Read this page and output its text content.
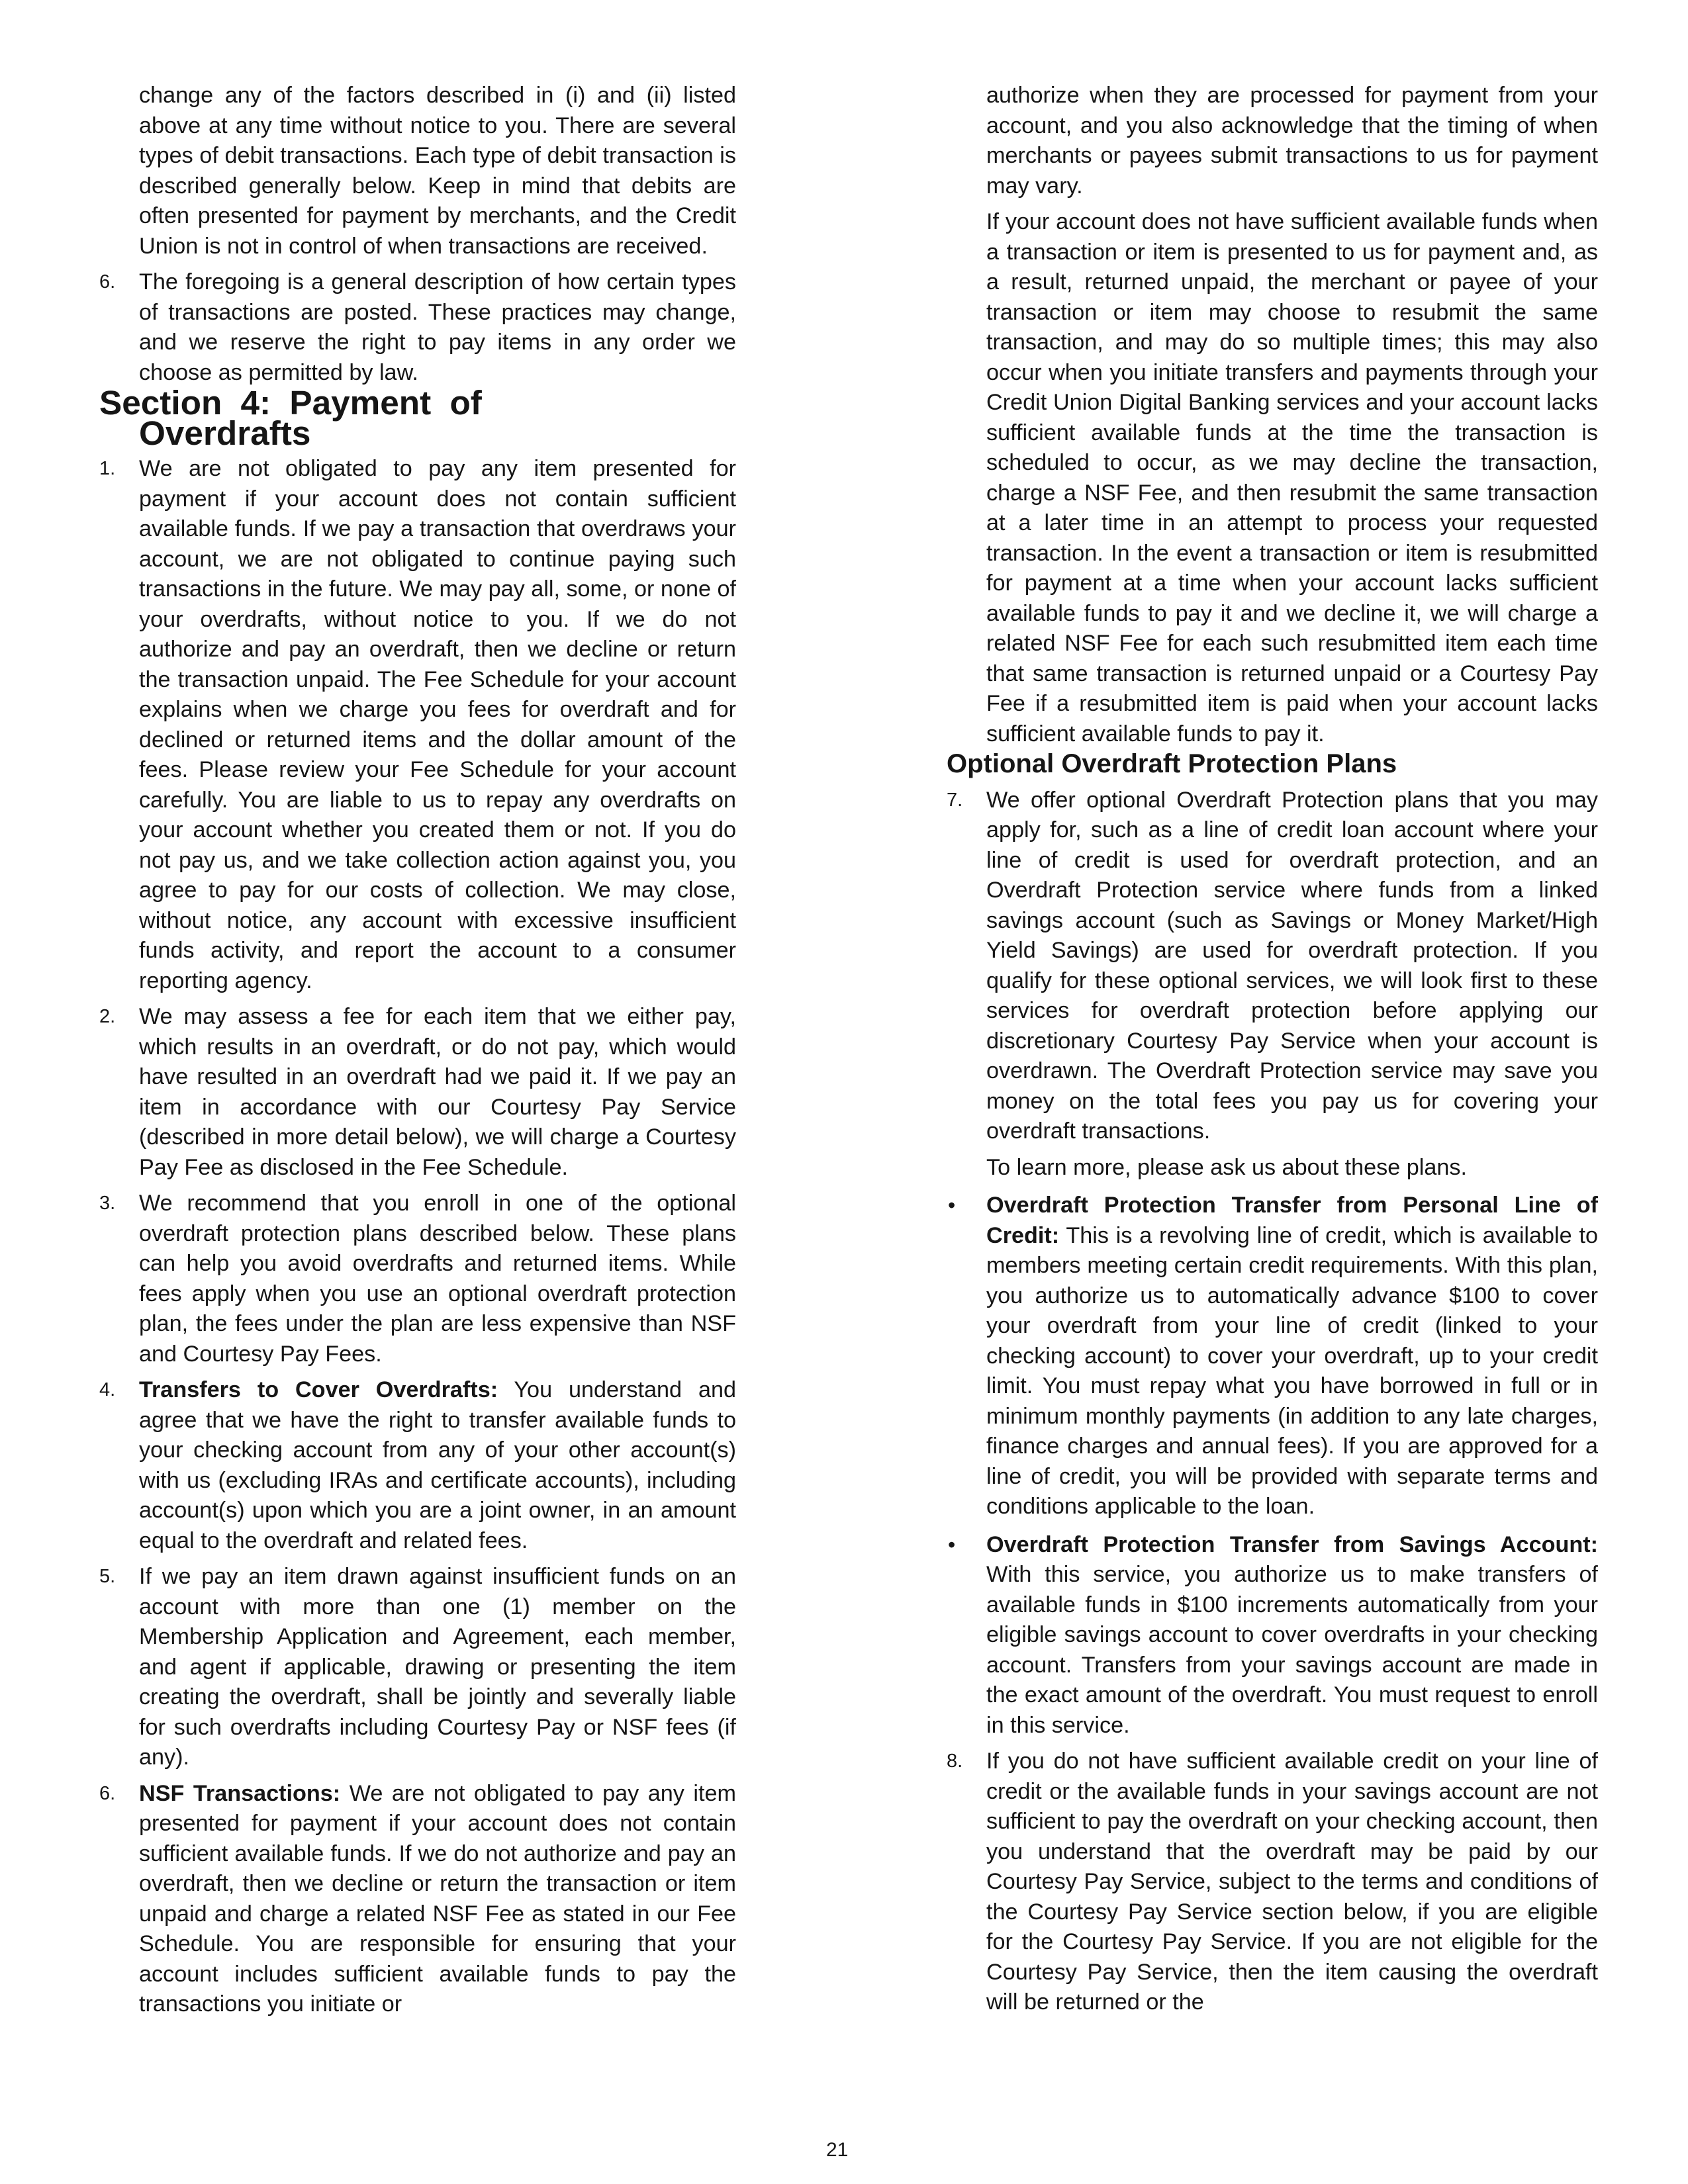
change any of the factors described in (i) and (ii) listed above at any time without notice to you. There are several types of debit transactions. Each type of debit transaction is described generally below. Keep in mind that debits are often presented for payment by merchants, and the Credit Union is not in control of when transactions are received.

6. The foregoing is a general description of how certain types of transactions are posted. These practices may change, and we reserve the right to pay items in any order we choose as permitted by law.
Section 4: Payment of
Overdrafts
1. We are not obligated to pay any item presented for payment if your account does not contain sufficient available funds. If we pay a transaction that overdraws your account, we are not obligated to continue paying such transactions in the future. We may pay all, some, or none of your overdrafts, without notice to you. If we do not authorize and pay an overdraft, then we decline or return the transaction unpaid. The Fee Schedule for your account explains when we charge you fees for overdraft and for declined or returned items and the dollar amount of the fees. Please review your Fee Schedule for your account carefully. You are liable to us to repay any overdrafts on your account whether you created them or not. If you do not pay us, and we take collection action against you, you agree to pay for our costs of collection. We may close, without notice, any account with excessive insufficient funds activity, and report the account to a consumer reporting agency.
2. We may assess a fee for each item that we either pay, which results in an overdraft, or do not pay, which would have resulted in an overdraft had we paid it. If we pay an item in accordance with our Courtesy Pay Service (described in more detail below), we will charge a Courtesy Pay Fee as disclosed in the Fee Schedule.
3. We recommend that you enroll in one of the optional overdraft protection plans described below. These plans can help you avoid overdrafts and returned items. While fees apply when you use an optional overdraft protection plan, the fees under the plan are less expensive than NSF and Courtesy Pay Fees.
4. Transfers to Cover Overdrafts: You understand and agree that we have the right to transfer available funds to your checking account from any of your other account(s) with us (excluding IRAs and certificate accounts), including account(s) upon which you are a joint owner, in an amount equal to the overdraft and related fees.
5. If we pay an item drawn against insufficient funds on an account with more than one (1) member on the Membership Application and Agreement, each member, and agent if applicable, drawing or presenting the item creating the overdraft, shall be jointly and severally liable for such overdrafts including Courtesy Pay or NSF fees (if any).
6. NSF Transactions: We are not obligated to pay any item presented for payment if your account does not contain sufficient available funds. If we do not authorize and pay an overdraft, then we decline or return the transaction or item unpaid and charge a related NSF Fee as stated in our Fee Schedule. You are responsible for ensuring that your account includes sufficient available funds to pay the transactions you initiate or

authorize when they are processed for payment from your account, and you also acknowledge that the timing of when merchants or payees submit transactions to us for payment may vary.

If your account does not have sufficient available funds when a transaction or item is presented to us for payment and, as a result, returned unpaid, the merchant or payee of your transaction or item may choose to resubmit the same transaction, and may do so multiple times; this may also occur when you initiate transfers and payments through your Credit Union Digital Banking services and your account lacks sufficient available funds at the time the transaction is scheduled to occur, as we may decline the transaction, charge a NSF Fee, and then resubmit the same transaction at a later time in an attempt to process your requested transaction. In the event a transaction or item is resubmitted for payment at a time when your account lacks sufficient available funds to pay it and we decline it, we will charge a related NSF Fee for each such resubmitted item each time that same transaction is returned unpaid or a Courtesy Pay Fee if a resubmitted item is paid when your account lacks sufficient available funds to pay it.

Optional Overdraft Protection Plans
7. We offer optional Overdraft Protection plans that you may apply for, such as a line of credit loan account where your line of credit is used for overdraft protection, and an Overdraft Protection service where funds from a linked savings account (such as Savings or Money Market/High Yield Savings) are used for overdraft protection. If you qualify for these optional services, we will look first to these services for overdraft protection before applying our discretionary Courtesy Pay Service when your account is overdrawn. The Overdraft Protection service may save you money on the total fees you pay us for covering your overdraft transactions.

To learn more, please ask us about these plans.

• Overdraft Protection Transfer from Personal Line of Credit: This is a revolving line of credit, which is available to members meeting certain credit requirements. With this plan, you authorize us to automatically advance $100 to cover your overdraft from your line of credit (linked to your checking account) to cover your overdraft, up to your credit limit. You must repay what you have borrowed in full or in minimum monthly payments (in addition to any late charges, finance charges and annual fees). If you are approved for a line of credit, you will be provided with separate terms and conditions applicable to the loan.
• Overdraft Protection Transfer from Savings Account: With this service, you authorize us to make transfers of available funds in $100 increments automatically from your eligible savings account to cover overdrafts in your checking account. Transfers from your savings account are made in the exact amount of the overdraft. You must request to enroll in this service.
8. If you do not have sufficient available credit on your line of credit or the available funds in your savings account are not sufficient to pay the overdraft on your checking account, then you understand that the overdraft may be paid by our Courtesy Pay Service, subject to the terms and conditions of the Courtesy Pay Service section below, if you are eligible for the Courtesy Pay Service. If you are not eligible for the Courtesy Pay Service, then the item causing the overdraft will be returned or the
21
